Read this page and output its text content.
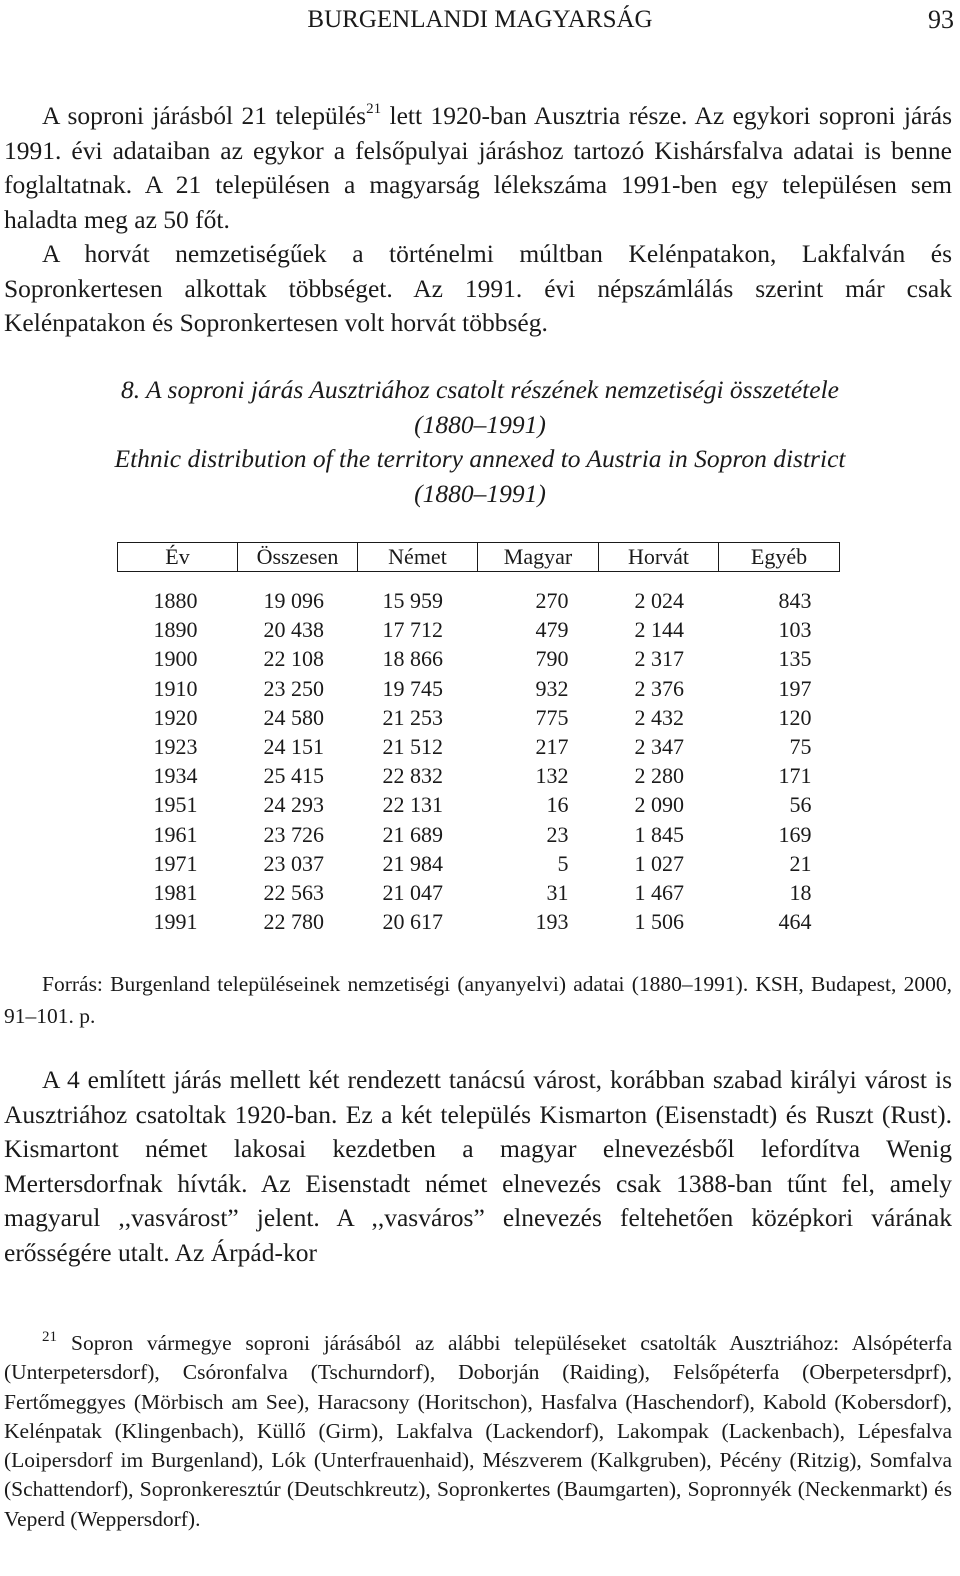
BURGENLANDI MAGYARSÁG	93

A soproni járásból 21 település$^{21}$ lett 1920-ban Ausztria része. Az egykori soproni járás 1991. évi adataiban az egykor a felsőpulyai járáshoz tartozó Kishársfalva adatai is benne foglaltatnak. A 21 településen a magyarság lélekszáma 1991-ben egy településen sem haladta meg az 50 főt.

A horvát nemzetiségűek a történelmi múltban Kelénpatakon, Lakfalván és Sopronkertesen alkottak többséget. Az 1991. évi népszámlálás szerint már csak Kelénpatakon és Sopronkertesen volt horvát többség.

8. A soproni járás Ausztriához csatolt részének nemzetiségi összetétele
(1880–1991)
Ethnic distribution of the territory annexed to Austria in Sopron district
(1880–1991)
Év	Összesen	Német	Magyar	Horvát	Egyéb
1880	19 096	15 959	270	2 024	843
1890	20 438	17 712	479	2 144	103
1900	22 108	18 866	790	2 317	135
1910	23 250	19 745	932	2 376	197
1920	24 580	21 253	775	2 432	120
1923	24 151	21 512	217	2 347	75
1934	25 415	22 832	132	2 280	171
1951	24 293	22 131	16	2 090	56
1961	23 726	21 689	23	1 845	169
1971	23 037	21 984	5	1 027	21
1981	22 563	21 047	31	1 467	18
1991	22 780	20 617	193	1 506	464

Forrás: Burgenland településeinek nemzetiségi (anyanyelvi) adatai (1880–1991). KSH, Budapest, 2000, 91–101. p.

A 4 említett járás mellett két rendezett tanácsú várost, korábban szabad királyi várost is Ausztriához csatoltak 1920-ban. Ez a két település Kismarton (Eisenstadt) és Ruszt (Rust). Kismartont német lakosai kezdetben a magyar elnevezésből lefordítva Wenig Mertersdorfnak hívták. Az Eisenstadt német elnevezés csak 1388-ban tűnt fel, amely magyarul ,,vasvárost” jelent. A ,,vasváros” elnevezés feltehetően középkori várának erősségére utalt. Az Árpád-kor

$^{21}$ Sopron vármegye soproni járásából az alábbi településeket csatolták Ausztriához: Alsópéterfa (Unterpetersdorf), Csóronfalva (Tschurndorf), Doborján (Raiding), Felsőpéterfa (Oberpetersdprf), Fertőmeggyes (Mörbisch am See), Haracsony (Horitschon), Hasfalva (Haschendorf), Kabold (Kobersdorf), Kelénpatak (Klingenbach), Küllő (Girm), Lakfalva (Lackendorf), Lakompak (Lackenbach), Lépesfalva (Loipersdorf im Burgenland), Lók (Unterfrauenhaid), Mészverem (Kalkgruben), Pécény (Ritzig), Somfalva (Schattendorf), Sopronkeresztúr (Deutschkreutz), Sopronkertes (Baumgarten), Sopronnyék (Neckenmarkt) és Veperd (Weppersdorf).
